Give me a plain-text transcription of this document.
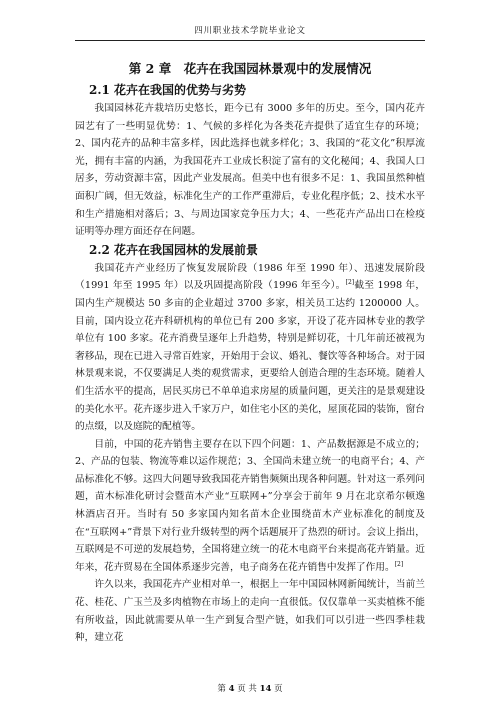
四川职业技术学院毕业论文
第 2 章　花卉在我国园林景观中的发展情况
2.1 花卉在我国的优势与劣势

我国园林花卉栽培历史悠长，距今已有 3000 多年的历史。至今，国内花卉园艺有了一些明显优势：1、气候的多样化为各类花卉提供了适宜生存的环境；2、国内花卉的品种丰富多样，因此选择也就多样化；3、我国的“花文化”积厚流光，拥有丰富的内涵，为我国花卉工业成长积淀了富有的文化秘闻；4、我国人口居多，劳动资源丰富，因此产业发展高。但美中也有很多不足：1、我国虽然种植面积广阔，但无效益，标准化生产的工作严重滞后，专业化程序低；2、技术水平和生产措施相对落后；3、与周边国家竞争压力大；4、一些花卉产品出口在检疫证明等办理方面还存在问题。

2.2 花卉在我国园林的发展前景

我国花卉产业经历了恢复发展阶段（1986 年至 1990 年）、迅速发展阶段（1991 年至 1995 年）以及巩固提高阶段（1996 年至今）。[2]截至 1998 年，国内生产规模达 50 多亩的企业超过 3700 多家，相关员工达约 1200000 人。目前，国内设立花卉科研机构的单位已有 200 多家，开设了花卉园林专业的教学单位有 100 多家。花卉消费呈逐年上升趋势，特别是鲜切花，十几年前还被视为奢移品，现在已进入寻常百姓家，开始用于会议、婚礼、餐饮等各种场合。对于园林景观来说，不仅要满足人类的观赏需求，更要给人创造合理的生态环境。随着人们生活水平的提高，居民买房已不单单追求房屋的质量问题，更关注的是景观建设的美化水平。花卉逐步进入千家万户，如住宅小区的美化，屋顶花园的装饰，窗台的点缀，以及庭院的配植等。

目前，中国的花卉销售主要存在以下四个问题：1、产品数据源是不成立的；2、产品的包装、物流等难以运作规范；3、全国尚未建立统一的电商平台；4、产品标准化不够。这四大问题导致我国花卉销售频频出现各种问题。针对这一系列问题，苗木标准化研讨会暨苗木产业“互联网+”分享会于前年 9 月在北京希尔顿逸林酒店召开。当时有 50 多家国内知名苗木企业围绕苗木产业标准化的制度及在“互联网+”背景下对行业升级转型的两个话题展开了热烈的研讨。会议上指出，互联网是不可逆的发展趋势，全国将建立统一的花木电商平台来提高花卉销量。近年来，花卉贸易在全国体系逐步完善，电子商务在花卉销售中发挥了作用。[2]

许久以来，我国花卉产业相对单一，根据上一年中国园林网新闻统计，当前兰花、桂花、广玉兰及多肉植物在市场上的走向一直很低。仅仅靠单一买卖植株不能有所收益，因此就需要从单一生产到复合型产链，如我们可以引进一些四季桂栽种，建立花

第 4 页 共 14 页
